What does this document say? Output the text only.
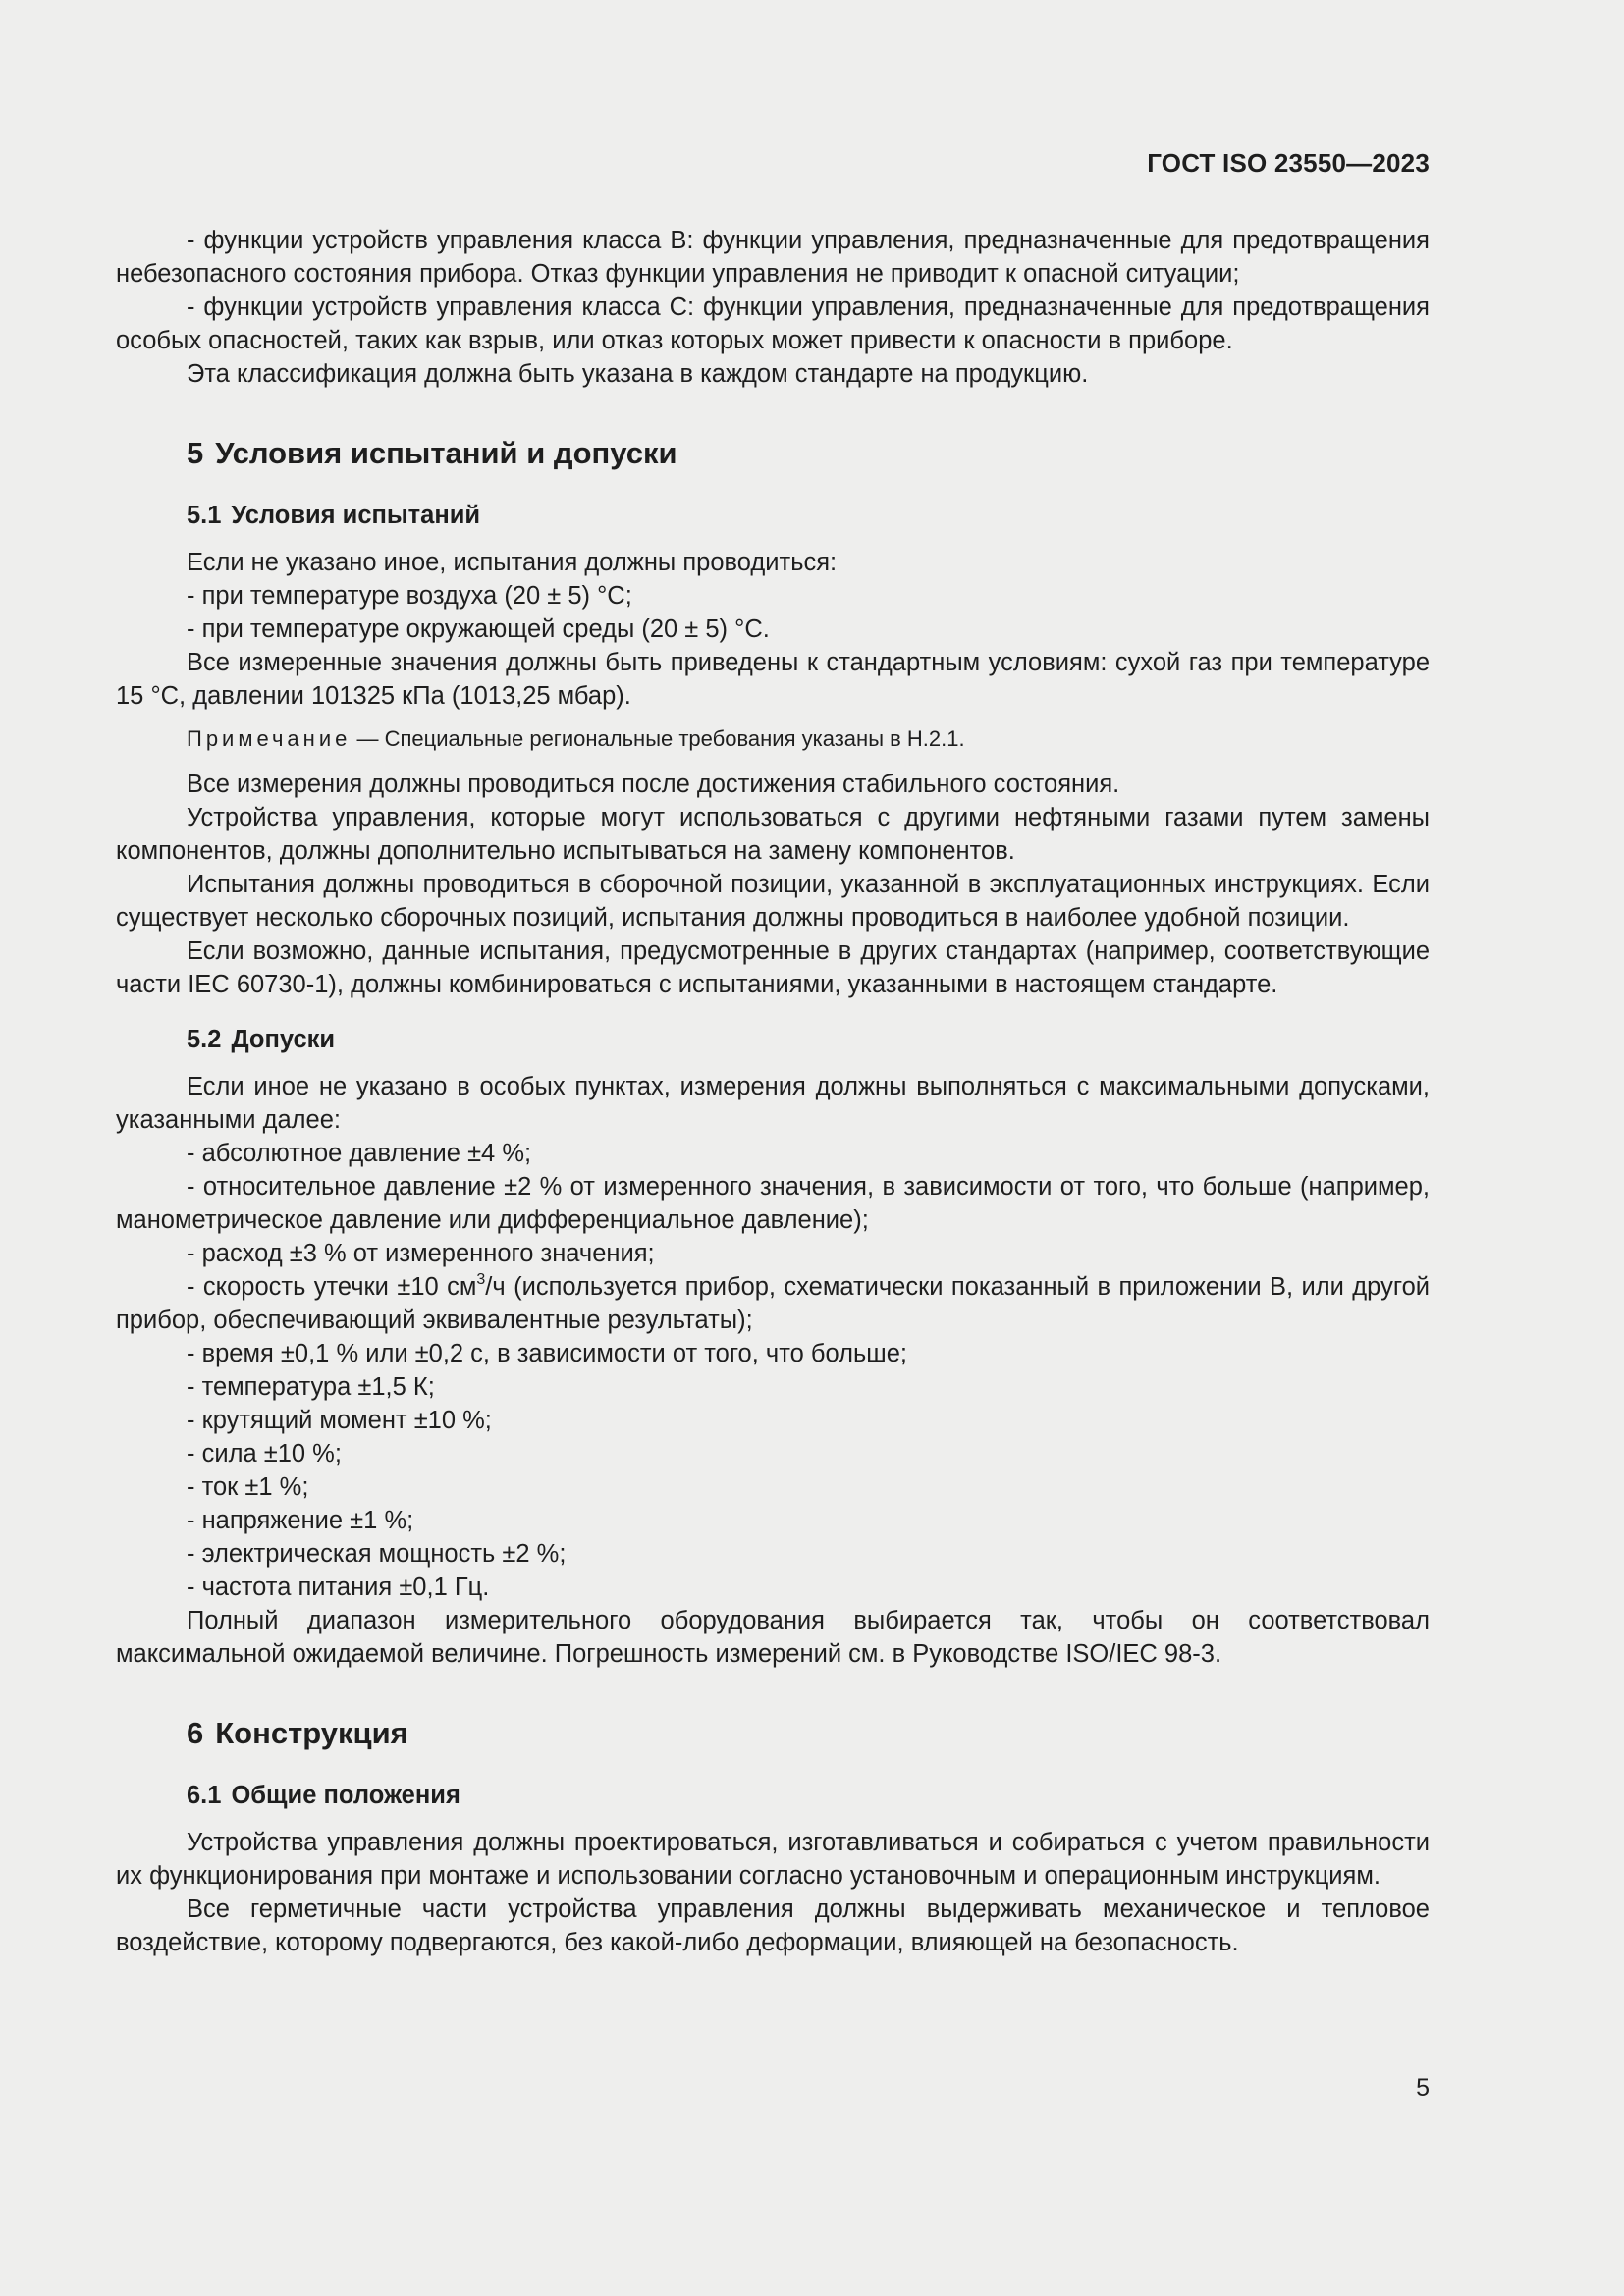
ГОСТ ISO 23550—2023

- функции устройств управления класса B: функции управления, предназначенные для предотвращения небезопасного состояния прибора. Отказ функции управления не приводит к опасной ситуации;

- функции устройств управления класса C: функции управления, предназначенные для предотвращения особых опасностей, таких как взрыв, или отказ которых может привести к опасности в приборе.

Эта классификация должна быть указана в каждом стандарте на продукцию.

5 Условия испытаний и допуски
5.1 Условия испытаний

Если не указано иное, испытания должны проводиться:

- при температуре воздуха (20 ± 5) °C;

- при температуре окружающей среды (20 ± 5) °C.

Все измеренные значения должны быть приведены к стандартным условиям: сухой газ при температуре 15 °C, давлении 101325 кПа (1013,25 мбар).

Примечание — Специальные региональные требования указаны в Н.2.1.

Все измерения должны проводиться после достижения стабильного состояния.

Устройства управления, которые могут использоваться с другими нефтяными газами путем замены компонентов, должны дополнительно испытываться на замену компонентов.

Испытания должны проводиться в сборочной позиции, указанной в эксплуатационных инструкциях. Если существует несколько сборочных позиций, испытания должны проводиться в наиболее удобной позиции.

Если возможно, данные испытания, предусмотренные в других стандартах (например, соответствующие части IEC 60730-1), должны комбинироваться с испытаниями, указанными в настоящем стандарте.

5.2 Допуски

Если иное не указано в особых пунктах, измерения должны выполняться с максимальными допусками, указанными далее:

- абсолютное давление ±4 %;

- относительное давление ±2 % от измеренного значения, в зависимости от того, что больше (например, манометрическое давление или дифференциальное давление);

- расход ±3 % от измеренного значения;

- скорость утечки ±10 $см^3/ч$ (используется прибор, схематически показанный в приложении В, или другой прибор, обеспечивающий эквивалентные результаты);

- время ±0,1 % или ±0,2 с, в зависимости от того, что больше;

- температура ±1,5 К;

- крутящий момент ±10 %;

- сила ±10 %;

- ток ±1 %;

- напряжение ±1 %;

- электрическая мощность ±2 %;

- частота питания ±0,1 Гц.

Полный диапазон измерительного оборудования выбирается так, чтобы он соответствовал максимальной ожидаемой величине. Погрешность измерений см. в Руководстве ISO/IEC 98-3.

6 Конструкция
6.1 Общие положения

Устройства управления должны проектироваться, изготавливаться и собираться с учетом правильности их функционирования при монтаже и использовании согласно установочным и операционным инструкциям.

Все герметичные части устройства управления должны выдерживать механическое и тепловое воздействие, которому подвергаются, без какой-либо деформации, влияющей на безопасность.

5
